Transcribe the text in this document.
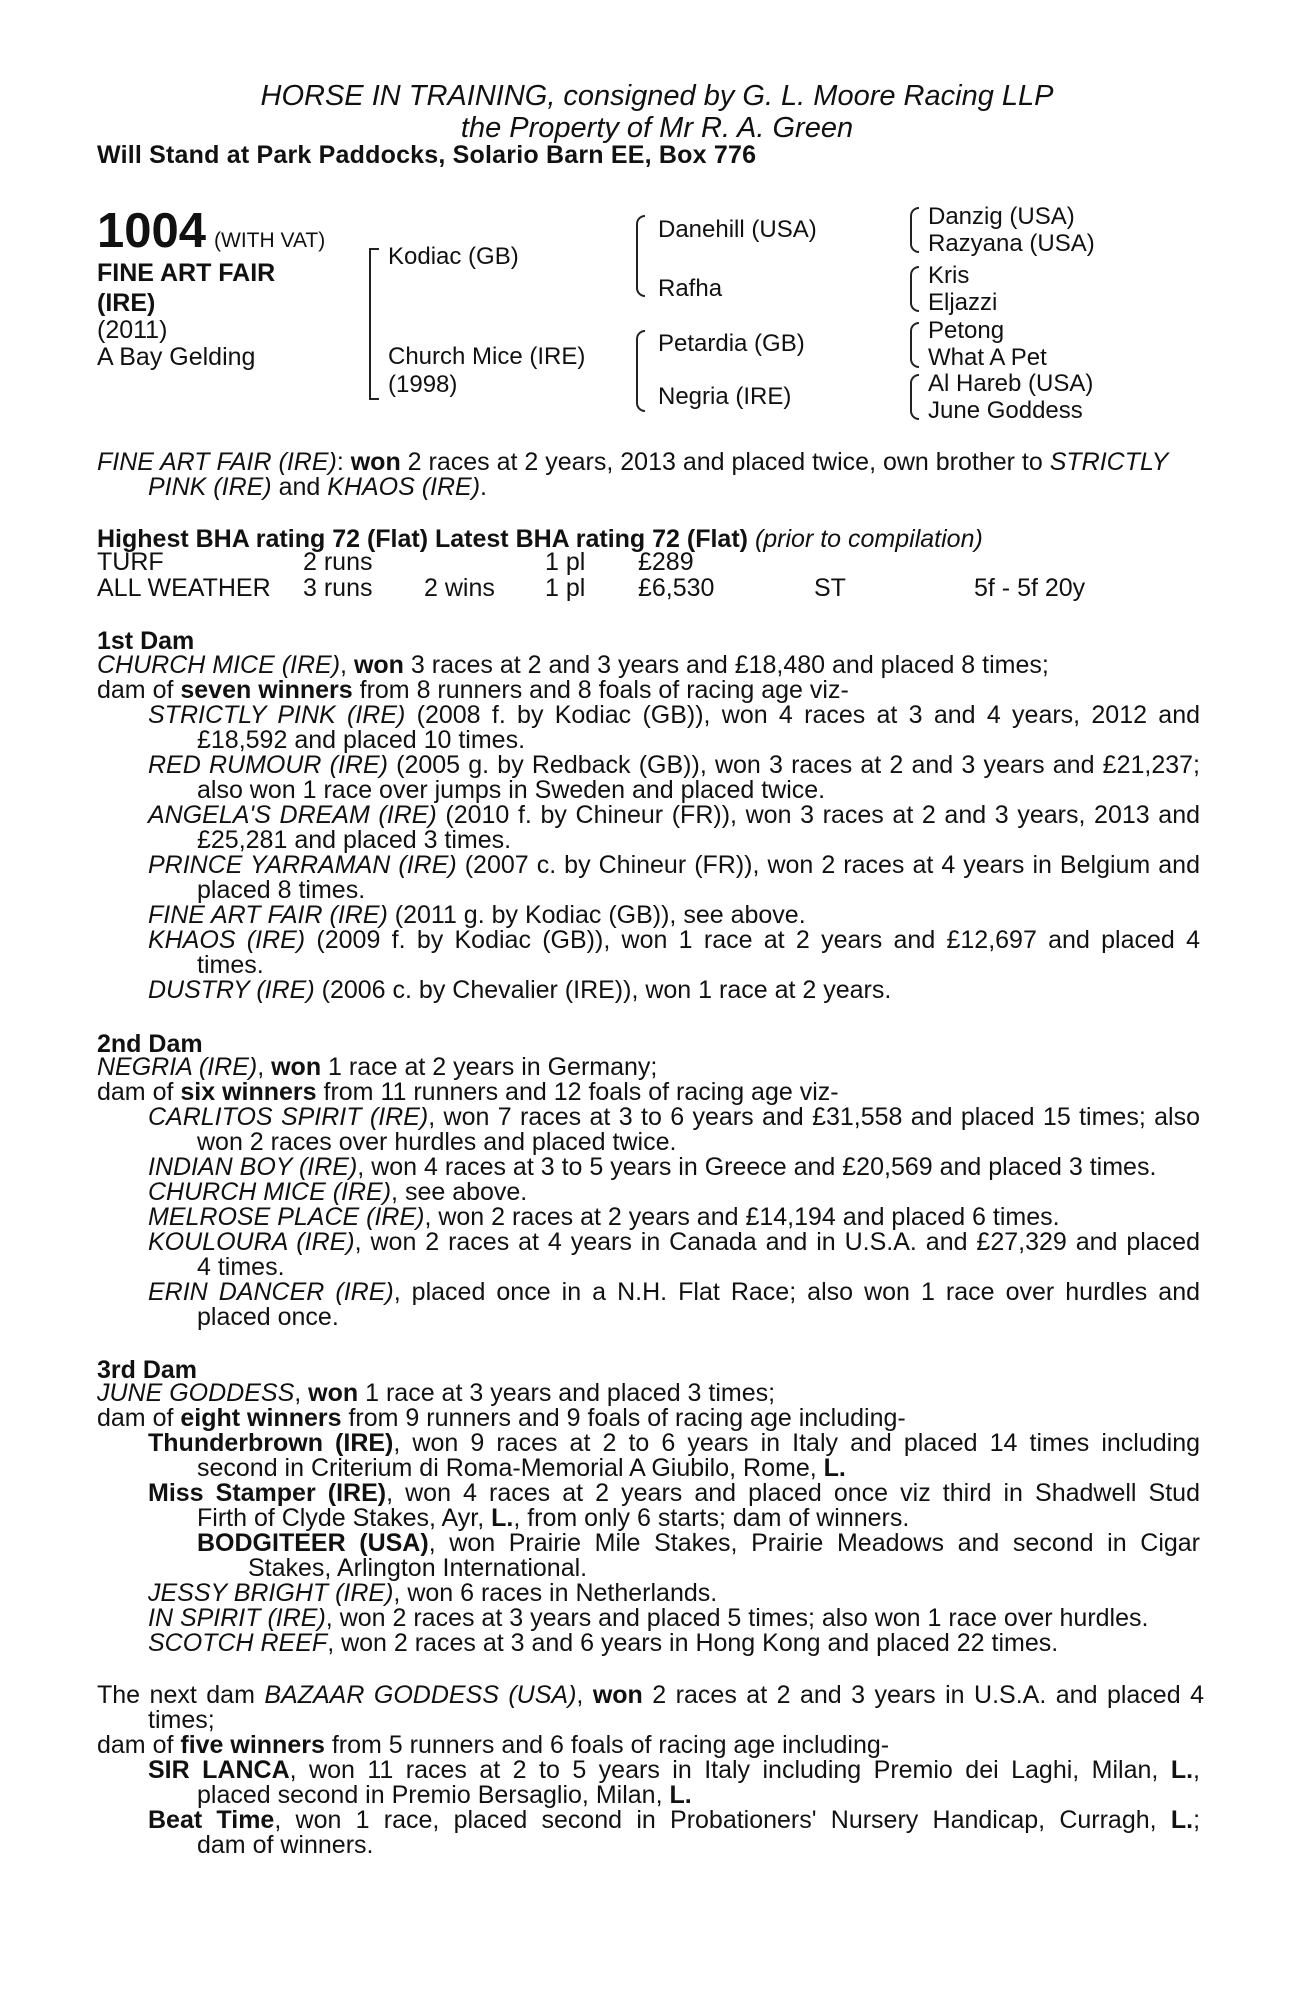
HORSE IN TRAINING, consigned by G. L. Moore Racing LLP
the Property of Mr R. A. Green
Will Stand at Park Paddocks, Solario Barn EE, Box 776
1004 (WITH VAT)
FINE ART FAIR (IRE)
(2011)
A Bay Gelding
Kodiac (GB)
Church Mice (IRE)
(1998)
Danehill (USA)
Rafha
Petardia (GB)
Negria (IRE)
Danzig (USA)
Razyana (USA)
Kris
Eljazzi
Petong
What A Pet
Al Hareb (USA)
June Goddess
FINE ART FAIR (IRE): won 2 races at 2 years, 2013 and placed twice, own brother to STRICTLY
PINK (IRE) and KHAOS (IRE).
Highest BHA rating 72 (Flat) Latest BHA rating 72 (Flat) (prior to compilation)
TURF	2 runs	1 pl £289
ALL WEATHER 3 runs 2 wins 1 pl £6,530	ST	5f - 5f 20y
1st Dam
CHURCH MICE (IRE), won 3 races at 2 and 3 years and £18,480 and placed 8 times;
dam of seven winners from 8 runners and 8 foals of racing age viz-
STRICTLY PINK (IRE) (2008 f. by Kodiac (GB)), won 4 races at 3 and 4 years, 2012 and
£18,592 and placed 10 times.
RED RUMOUR (IRE) (2005 g. by Redback (GB)), won 3 races at 2 and 3 years and £21,237;
also won 1 race over jumps in Sweden and placed twice.
ANGELA'S DREAM (IRE) (2010 f. by Chineur (FR)), won 3 races at 2 and 3 years, 2013 and
£25,281 and placed 3 times.
PRINCE YARRAMAN (IRE) (2007 c. by Chineur (FR)), won 2 races at 4 years in Belgium and
placed 8 times.
FINE ART FAIR (IRE) (2011 g. by Kodiac (GB)), see above.
KHAOS (IRE) (2009 f. by Kodiac (GB)), won 1 race at 2 years and £12,697 and placed 4
times.
DUSTRY (IRE) (2006 c. by Chevalier (IRE)), won 1 race at 2 years.
2nd Dam
NEGRIA (IRE), won 1 race at 2 years in Germany;
dam of six winners from 11 runners and 12 foals of racing age viz-
CARLITOS SPIRIT (IRE), won 7 races at 3 to 6 years and £31,558 and placed 15 times; also
won 2 races over hurdles and placed twice.
INDIAN BOY (IRE), won 4 races at 3 to 5 years in Greece and £20,569 and placed 3 times.
CHURCH MICE (IRE), see above.
MELROSE PLACE (IRE), won 2 races at 2 years and £14,194 and placed 6 times.
KOULOURA (IRE), won 2 races at 4 years in Canada and in U.S.A. and £27,329 and placed
4 times.
ERIN DANCER (IRE), placed once in a N.H. Flat Race; also won 1 race over hurdles and
placed once.
3rd Dam
JUNE GODDESS, won 1 race at 3 years and placed 3 times;
dam of eight winners from 9 runners and 9 foals of racing age including-
Thunderbrown (IRE), won 9 races at 2 to 6 years in Italy and placed 14 times including
second in Criterium di Roma-Memorial A Giubilo, Rome, L.
Miss Stamper (IRE), won 4 races at 2 years and placed once viz third in Shadwell Stud
Firth of Clyde Stakes, Ayr, L., from only 6 starts; dam of winners.
BODGITEER (USA), won Prairie Mile Stakes, Prairie Meadows and second in Cigar
Stakes, Arlington International.
JESSY BRIGHT (IRE), won 6 races in Netherlands.
IN SPIRIT (IRE), won 2 races at 3 years and placed 5 times; also won 1 race over hurdles.
SCOTCH REEF, won 2 races at 3 and 6 years in Hong Kong and placed 22 times.
The next dam BAZAAR GODDESS (USA), won 2 races at 2 and 3 years in U.S.A. and placed 4
times;
dam of five winners from 5 runners and 6 foals of racing age including-
SIR LANCA, won 11 races at 2 to 5 years in Italy including Premio dei Laghi, Milan, L.,
placed second in Premio Bersaglio, Milan, L.
Beat Time, won 1 race, placed second in Probationers' Nursery Handicap, Curragh, L.;
dam of winners.
